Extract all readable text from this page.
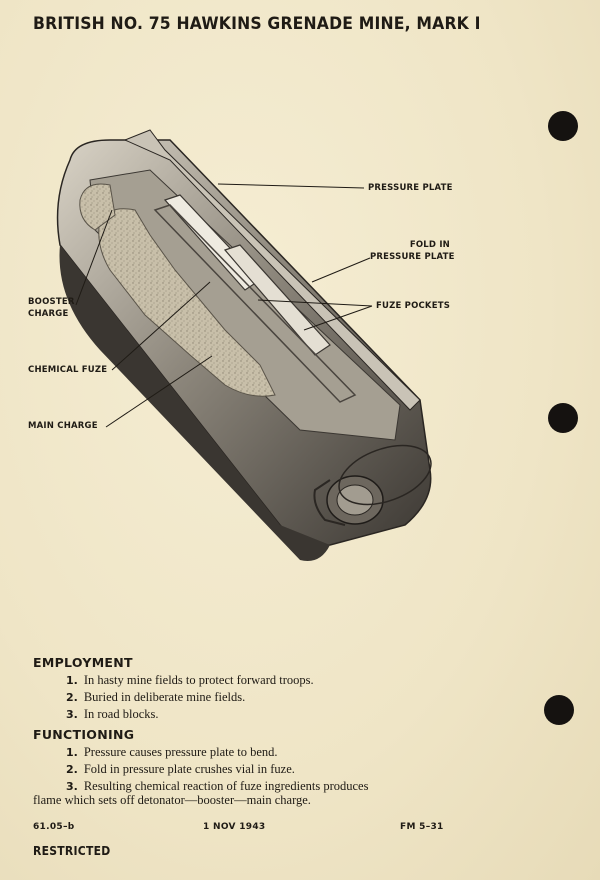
BRITISH NO. 75 HAWKINS GRENADE MINE, MARK I
PRESSURE PLATE
FOLD IN
PRESSURE PLATE
FUZE POCKETS
BOOSTER
CHARGE
CHEMICAL FUZE
MAIN CHARGE
EMPLOYMENT
1. In hasty mine fields to protect forward troops.
2. Buried in deliberate mine fields.
3. In road blocks.
FUNCTIONING
1. Pressure causes pressure plate to bend.
2. Fold in pressure plate crushes vial in fuze.
3. Resulting chemical reaction of fuze ingredients produces
flame which sets off detonator—booster—main charge.
61.05–b	1 NOV 1943	FM 5–31
RESTRICTED
